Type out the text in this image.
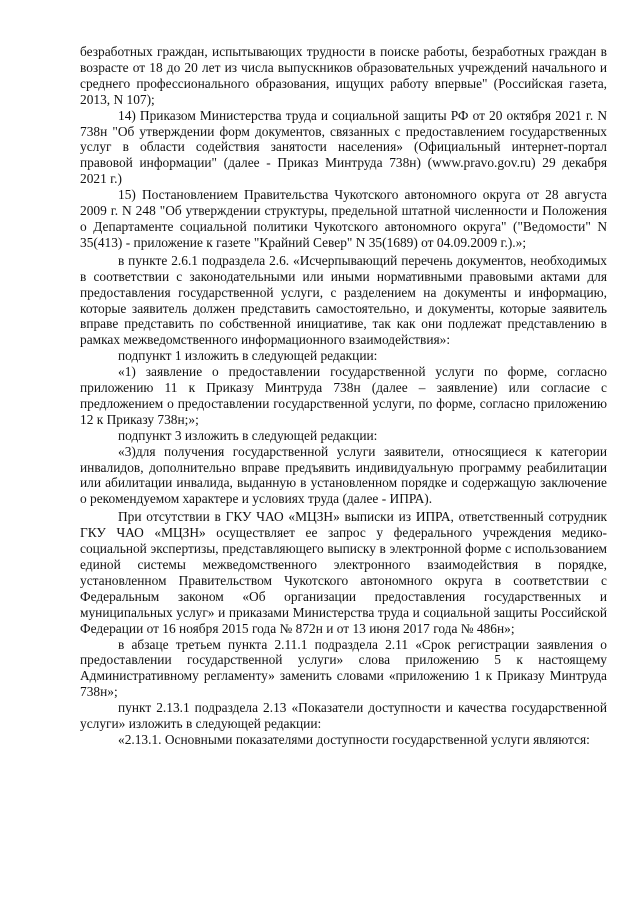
безработных граждан, испытывающих трудности в поиске работы, безработных граждан в возрасте от 18 до 20 лет из числа выпускников образовательных учреждений начального и среднего профессионального образования, ищущих работу впервые" (Российская газета, 2013, N 107);

14) Приказом Министерства труда и социальной защиты РФ от 20 октября 2021 г. N 738н "Об утверждении форм документов, связанных с предоставлением государственных услуг в области содействия занятости населения» (Официальный интернет-портал правовой информации" (далее - Приказ Минтруда 738н) (www.pravo.gov.ru) 29 декабря 2021 г.)

15) Постановлением Правительства Чукотского автономного округа от 28 августа 2009 г. N 248 "Об утверждении структуры, предельной штатной численности и Положения о Департаменте социальной политики Чукотского автономного округа" ("Ведомости" N 35(413) - приложение к газете "Крайний Север" N 35(1689) от 04.09.2009 г.).»;

в пункте 2.6.1 подраздела 2.6. «Исчерпывающий перечень документов, необходимых в соответствии с законодательными или иными нормативными правовыми актами для предоставления государственной услуги, с разделением на документы и информацию, которые заявитель должен представить самостоятельно, и документы, которые заявитель вправе представить по собственной инициативе, так как они подлежат представлению в рамках межведомственного информационного взаимодействия»:

подпункт 1 изложить в следующей редакции:

«1) заявление о предоставлении государственной услуги по форме, согласно приложению 11 к Приказу Минтруда 738н (далее – заявление) или согласие с предложением о предоставлении государственной услуги, по форме, согласно приложению 12 к Приказу 738н;»;

подпункт 3 изложить в следующей редакции:

«3)для получения государственной услуги заявители, относящиеся к категории инвалидов, дополнительно вправе предъявить индивидуальную программу реабилитации или абилитации инвалида, выданную в установленном порядке и содержащую заключение о рекомендуемом характере и условиях труда (далее - ИПРА).

При отсутствии в ГКУ ЧАО «МЦЗН» выписки из ИПРА, ответственный сотрудник ГКУ ЧАО «МЦЗН» осуществляет ее запрос у федерального учреждения медико-социальной экспертизы, представляющего выписку в электронной форме с использованием единой системы межведомственного электронного взаимодействия в порядке, установленном Правительством Чукотского автономного округа в соответствии с Федеральным законом «Об организации предоставления государственных и муниципальных услуг» и приказами Министерства труда и социальной защиты Российской Федерации от 16 ноября 2015 года № 872н и от 13 июня 2017 года № 486н»;

в абзаце третьем пункта 2.11.1 подраздела 2.11 «Срок регистрации заявления о предоставлении государственной услуги» слова приложению 5 к настоящему Административному регламенту» заменить словами «приложению 1 к Приказу Минтруда 738н»;

пункт 2.13.1 подраздела 2.13 «Показатели доступности и качества государственной услуги» изложить в следующей редакции:

«2.13.1. Основными показателями доступности государственной услуги являются:
